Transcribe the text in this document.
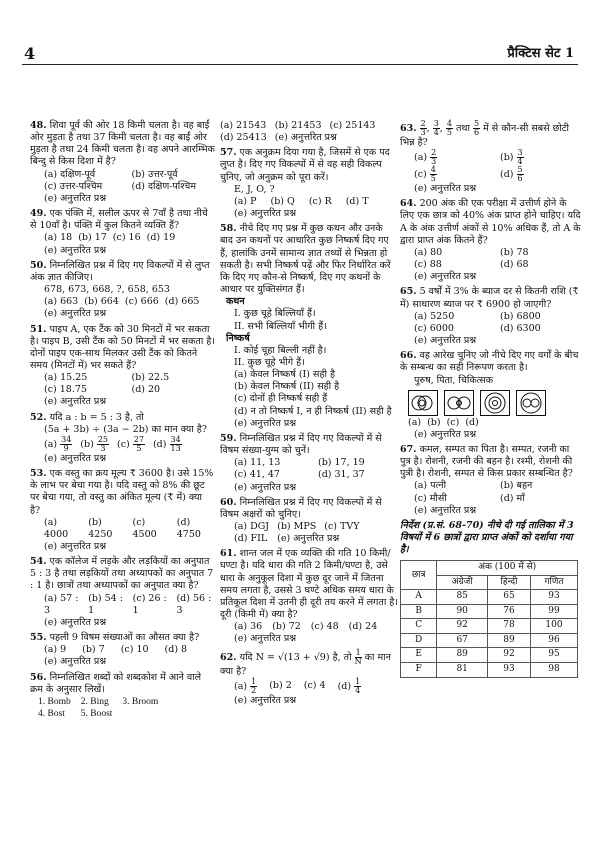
4	प्रैक्टिस सेट 1
48. शिवा पूर्व की ओर 18 किमी चलता है। वह बाईं ओर मुड़ता है तथा 37 किमी चलता है। वह बाईं ओर मुड़ता है तथा 24 किमी चलता है। वह अपने आरम्भिक बिन्दु से किस दिशा में है?
(a) दक्षिण-पूर्व	(b) उत्तर-पूर्व
(c) उत्तर-पश्चिम	(d) दक्षिण-पश्चिम
(e) अनुत्तरित प्रश्न
49. एक पंक्ति में, सलील ऊपर से 7वाँ है तथा नीचे से 10वाँ है। पंक्ति में कुल कितने व्यक्ति हैं?
(a) 18 (b) 17 (c) 16 (d) 19
(e) अनुत्तरित प्रश्न
50. निम्नलिखित प्रश्न में दिए गए विकल्पों में से लुप्त अंक ज्ञात कीजिए।
678, 673, 668, ?, 658, 653
(a) 663 (b) 664 (c) 666 (d) 665
(e) अनुत्तरित प्रश्न
51. पाइप A, एक टैंक को 30 मिनटों में भर सकता है। पाइप B, उसी टैंक को 50 मिनटों में भर सकता है। दोनों पाइप एक-साथ मिलकर उसी टैंक को कितने समय (मिनटों में) भर सकते हैं?
(a) 15.25	(b) 22.5
(c) 18.75	(d) 20
(e) अनुत्तरित प्रश्न
52. यदि a : b = 5 : 3 है, तो
(5a + 3b) ÷ (3a − 2b) का मान क्या है?
$(a) \frac{34}{9} (b) \frac{25}{3} (c) \frac{27}{5} (d) \frac{34}{13}$
(e) अनुत्तरित प्रश्न
53. एक वस्तु का क्रय मूल्य ₹ 3600 है। उसे 15% के लाभ पर बेचा गया है। यदि वस्तु को 8% की छूट पर बेचा गया, तो वस्तु का अंकित मूल्य (₹ में) क्या है?
(a) 4000
(b) 4250
(c) 4500
(d) 4750
(e) अनुत्तरित प्रश्न
54. एक कॉलेज में लड़के और लड़कियों का अनुपात 5 : 3 है तथा लड़कियों तथा अध्यापकों का अनुपात 7 : 1 है। छात्रों तथा अध्यापकों का अनुपात क्या है?
(a) 57 : 3
(b) 54 : 1
(c) 26 : 1
(d) 56 : 3
(e) अनुत्तरित प्रश्न
55. पहली 9 विषम संख्याओं का औसत क्या है?
(a) 9 (b) 7 (c) 10 (d) 8
(e) अनुत्तरित प्रश्न
56. निम्नलिखित शब्दों को शब्दकोश में आने वाले क्रम के अनुसार लिखें।
1. Bomb 2. Bing	3. Broom
4. Bost	5. Boost
(a) 21543 (b) 21453 (c) 25143
(d) 25413 (e) अनुत्तरित प्रश्न
57. एक अनुक्रम दिया गया है, जिसमें से एक पद लुप्त है। दिए गए विकल्पों में से वह सही विकल्प चुनिए, जो अनुक्रम को पूरा करें।
E, J, O, ?
(a) P (b) Q (c) R (d) T
(e) अनुत्तरित प्रश्न
58. नीचे दिए गए प्रश्न में कुछ कथन और उनके बाद उन कथनों पर आधारित कुछ निष्कर्ष दिए गए हैं, हालांकि उनमें सामान्य ज्ञात तथ्यों से भिन्नता हो सकती है। सभी निष्कर्ष पढ़ें और फिर निर्धारित करें कि दिए गए कौन-से निष्कर्ष, दिए गए कथनों के आधार पर युक्तिसंगत हैं।
कथन
I. कुछ चूहे बिल्लियाँ हैं।
II. सभी बिल्लियाँ भीगी हैं।
निष्कर्ष
I. कोई चूहा बिल्ली नहीं है।
II. कुछ चूहे भीगे हैं।
(a) केवल निष्कर्ष (I) सही है
(b) केवल निष्कर्ष (II) सही है
(c) दोनों ही निष्कर्ष सही हैं
(d) न तो निष्कर्ष I, न ही निष्कर्ष (II) सही है
(e) अनुत्तरित प्रश्न
59. निम्नलिखित प्रश्न में दिए गए विकल्पों में से विषम संख्या-युग्म को चुनें।
(a) 11, 13	(b) 17, 19
(c) 41, 47	(d) 31, 37
(e) अनुत्तरित प्रश्न
60. निम्नलिखित प्रश्न में दिए गए विकल्पों में से विषम अक्षरों को चुनिए।
(a) DGJ (b) MPS (c) TVY
(d) FIL (e) अनुत्तरित प्रश्न
61. शान्त जल में एक व्यक्ति की गति 10 किमी/घण्टा है। यदि धारा की गति 2 किमी/घण्टा है, उसे धारा के अनुकूल दिशा में कुछ दूर जाने में जितना समय लगता है, उससे 3 घण्टे अधिक समय धारा के प्रतिकूल दिशा में उतनी ही दूरी तय करने में लगता है। दूरी (किमी में) क्या है?
(a) 36 (b) 72 (c) 48 (d) 24
(e) अनुत्तरित प्रश्न
62. यदि N = √(13 + √9) है, तो $\frac{1}{N}$ का मान क्या है?
$(a) \frac{1}{2} (b)$ 2 (c) 4 $(d) \frac{1}{4}$
(e) अनुत्तरित प्रश्न
63. $\frac{2}{3}$ , $\frac{3}{4}$ , $\frac{4}{5}$ तथा $\frac{5}{6}$ में से कौन-सी सबसे छोटी भिन्न है?
$(a) \frac{2}{3}$	$(b) \frac{3}{4}$
$(c) \frac{4}{5}$	$(d) \frac{5}{6}$
(e) अनुत्तरित प्रश्न
64. 200 अंक की एक परीक्षा में उत्तीर्ण होने के लिए एक छात्र को 40% अंक प्राप्त होने चाहिए। यदि A के अंक उत्तीर्ण अंकों से 10% अधिक हैं, तो A के द्वारा प्राप्त अंक कितने हैं?
(a) 80	(b) 78
(c) 88	(d) 68
(e) अनुत्तरित प्रश्न
65. 5 वर्षों में 3% के ब्याज दर से कितनी राशि (₹ में) साधारण ब्याज पर ₹ 6900 हो जाएगी?
(a) 5250	(b) 6800
(c) 6000	(d) 6300
(e) अनुत्तरित प्रश्न
66. वह आरेख चुनिए जो नीचे दिए गए वर्गों के बीच के सम्बन्ध का सही निरूपण करता है।
पुरुष, पिता, चिकित्सक
(a) (b) (c) (d)
(e) अनुत्तरित प्रश्न
67. कमल, सम्पत का पिता है। सम्पत, रजनी का पुत्र है। रोशनी, रजनी की बहन है। रश्मी, रोशनी की पुत्री है। रोशनी, सम्पत से किस प्रकार सम्बन्धित है?
(a) पत्नी	(b) बहन
(c) मौसी	(d) माँ
(e) अनुत्तरित प्रश्न
निर्देश (प्र.सं. 68-70) नीचे दी गई तालिका में 3 विषयों में 6 छात्रों द्वारा प्राप्त अंकों को दर्शाया गया है।
छात्र	अंक (100 में से)		
	अंग्रेजी	हिन्दी	गणित
A	85	65	93
B	90	76	99
C	92	78	100
D	67	89	96
E	89	92	95
F	81	93	98
